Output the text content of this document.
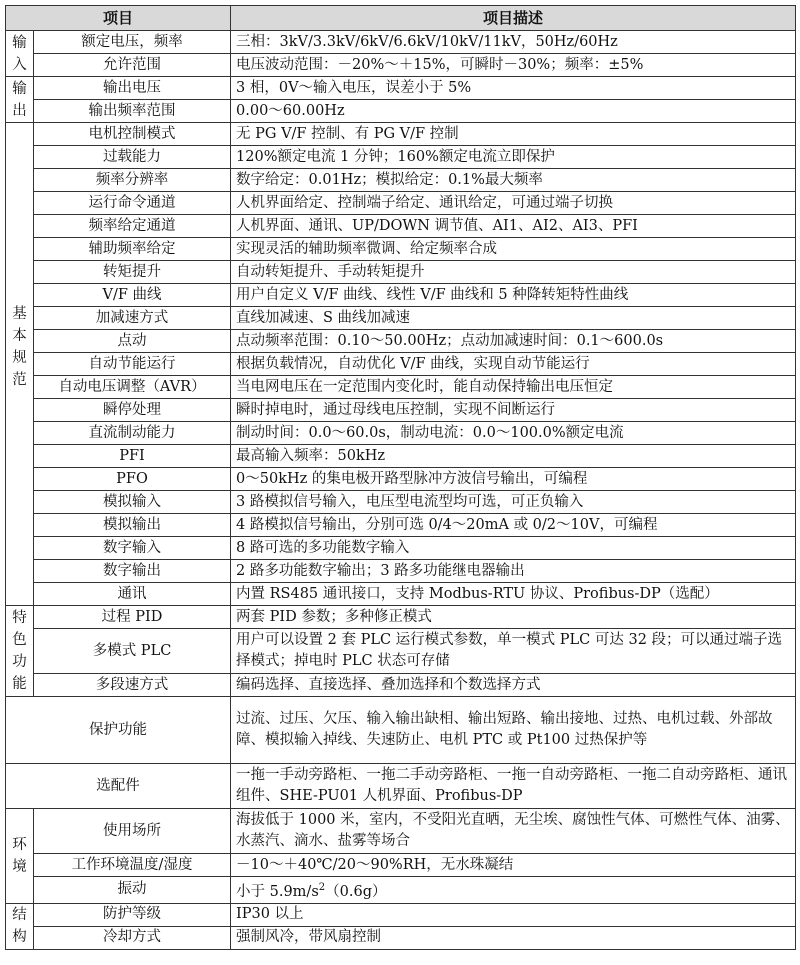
项目		项目描述
输入	额定电压，频率	三相：3kV/3.3kV/6kV/6.6kV/10kV/11kV，50Hz/60Hz
	允许范围	电压波动范围：－20%～＋15%，可瞬时－30%；频率：±5%
输出	输出电压	3 相，0V～输入电压，误差小于 5%
	输出频率范围	0.00～60.00Hz
基本规范	电机控制模式	无 PG V/F 控制、有 PG V/F 控制
	过载能力	120%额定电流 1 分钟；160%额定电流立即保护
	频率分辨率	数字给定：0.01Hz；模拟给定：0.1%最大频率
	运行命令通道	人机界面给定、控制端子给定、通讯给定，可通过端子切换
	频率给定通道	人机界面、通讯、UP/DOWN 调节值、AI1、AI2、AI3、PFI
	辅助频率给定	实现灵活的辅助频率微调、给定频率合成
	转矩提升	自动转矩提升、手动转矩提升
	V/F 曲线	用户自定义 V/F 曲线、线性 V/F 曲线和 5 种降转矩特性曲线
	加减速方式	直线加减速、S 曲线加减速
	点动	点动频率范围：0.10～50.00Hz；点动加减速时间：0.1～600.0s
	自动节能运行	根据负载情况，自动优化 V/F 曲线，实现自动节能运行
	自动电压调整（AVR）	当电网电压在一定范围内变化时，能自动保持输出电压恒定
	瞬停处理	瞬时掉电时，通过母线电压控制，实现不间断运行
	直流制动能力	制动时间：0.0～60.0s，制动电流：0.0～100.0%额定电流
	PFI	最高输入频率：50kHz
	PFO	0～50kHz 的集电极开路型脉冲方波信号输出，可编程
	模拟输入	3 路模拟信号输入，电压型电流型均可选，可正负输入
	模拟输出	4 路模拟信号输出，分别可选 0/4～20mA 或 0/2～10V，可编程
	数字输入	8 路可选的多功能数字输入
	数字输出	2 路多功能数字输出；3 路多功能继电器输出
	通讯	内置 RS485 通讯接口，支持 Modbus-RTU 协议、Profibus-DP（选配）
特色功能	过程 PID	两套 PID 参数；多种修正模式
	多模式 PLC	用户可以设置 2 套 PLC 运行模式参数，单一模式 PLC 可达 32 段；可以通过端子选择模式；掉电时 PLC 状态可存储
	多段速方式	编码选择、直接选择、叠加选择和个数选择方式
保护功能		过流、过压、欠压、输入输出缺相、输出短路、输出接地、过热、电机过载、外部故障、模拟输入掉线、失速防止、电机 PTC 或 Pt100 过热保护等
选配件		一拖一手动旁路柜、一拖二手动旁路柜、一拖一自动旁路柜、一拖二自动旁路柜、通讯组件、SHE-PU01 人机界面、Profibus-DP
环境	使用场所	海拔低于 1000 米，室内，不受阳光直晒，无尘埃、腐蚀性气体、可燃性气体、油雾、水蒸汽、滴水、盐雾等场合
	工作环境温度/湿度	－10～＋40℃/20～90%RH，无水珠凝结
	振动	小于 $5.9m/s^2(0.6g)$
结构	防护等级	IP30 以上
	冷却方式	强制风冷，带风扇控制
